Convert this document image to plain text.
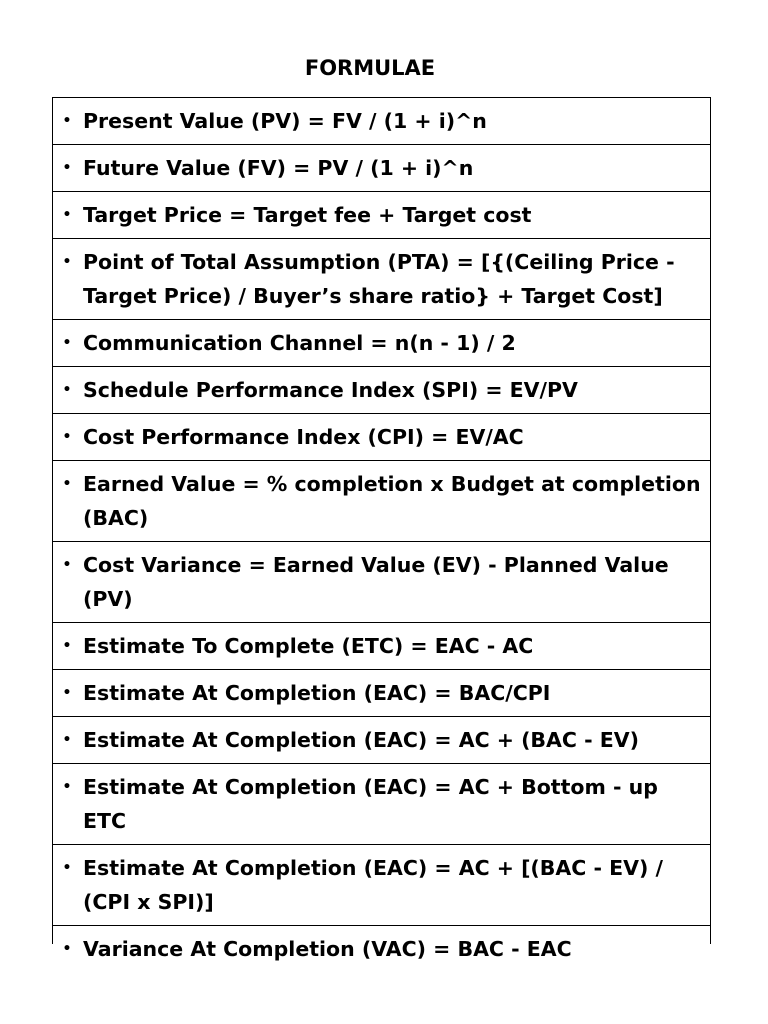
FORMULAE
• Present Value (PV) = FV / (1 + i)^n
• Future Value (FV) = PV / (1 + i)^n
• Target Price = Target fee + Target cost
• Point of Total Assumption (PTA) = [{(Ceiling Price - Target Price) / Buyer’s share ratio} + Target Cost]
• Communication Channel = n(n - 1) / 2
• Schedule Performance Index (SPI) = EV/PV
• Cost Performance Index (CPI) = EV/AC
• Earned Value = % completion x Budget at completion (BAC)
• Cost Variance = Earned Value (EV) - Planned Value (PV)
• Estimate To Complete (ETC) = EAC - AC
• Estimate At Completion (EAC) = BAC/CPI
• Estimate At Completion (EAC) = AC + (BAC - EV)
• Estimate At Completion (EAC) = AC + Bottom - up ETC
• Estimate At Completion (EAC) = AC + [(BAC - EV) / (CPI x SPI)]
• Variance At Completion (VAC) = BAC - EAC
